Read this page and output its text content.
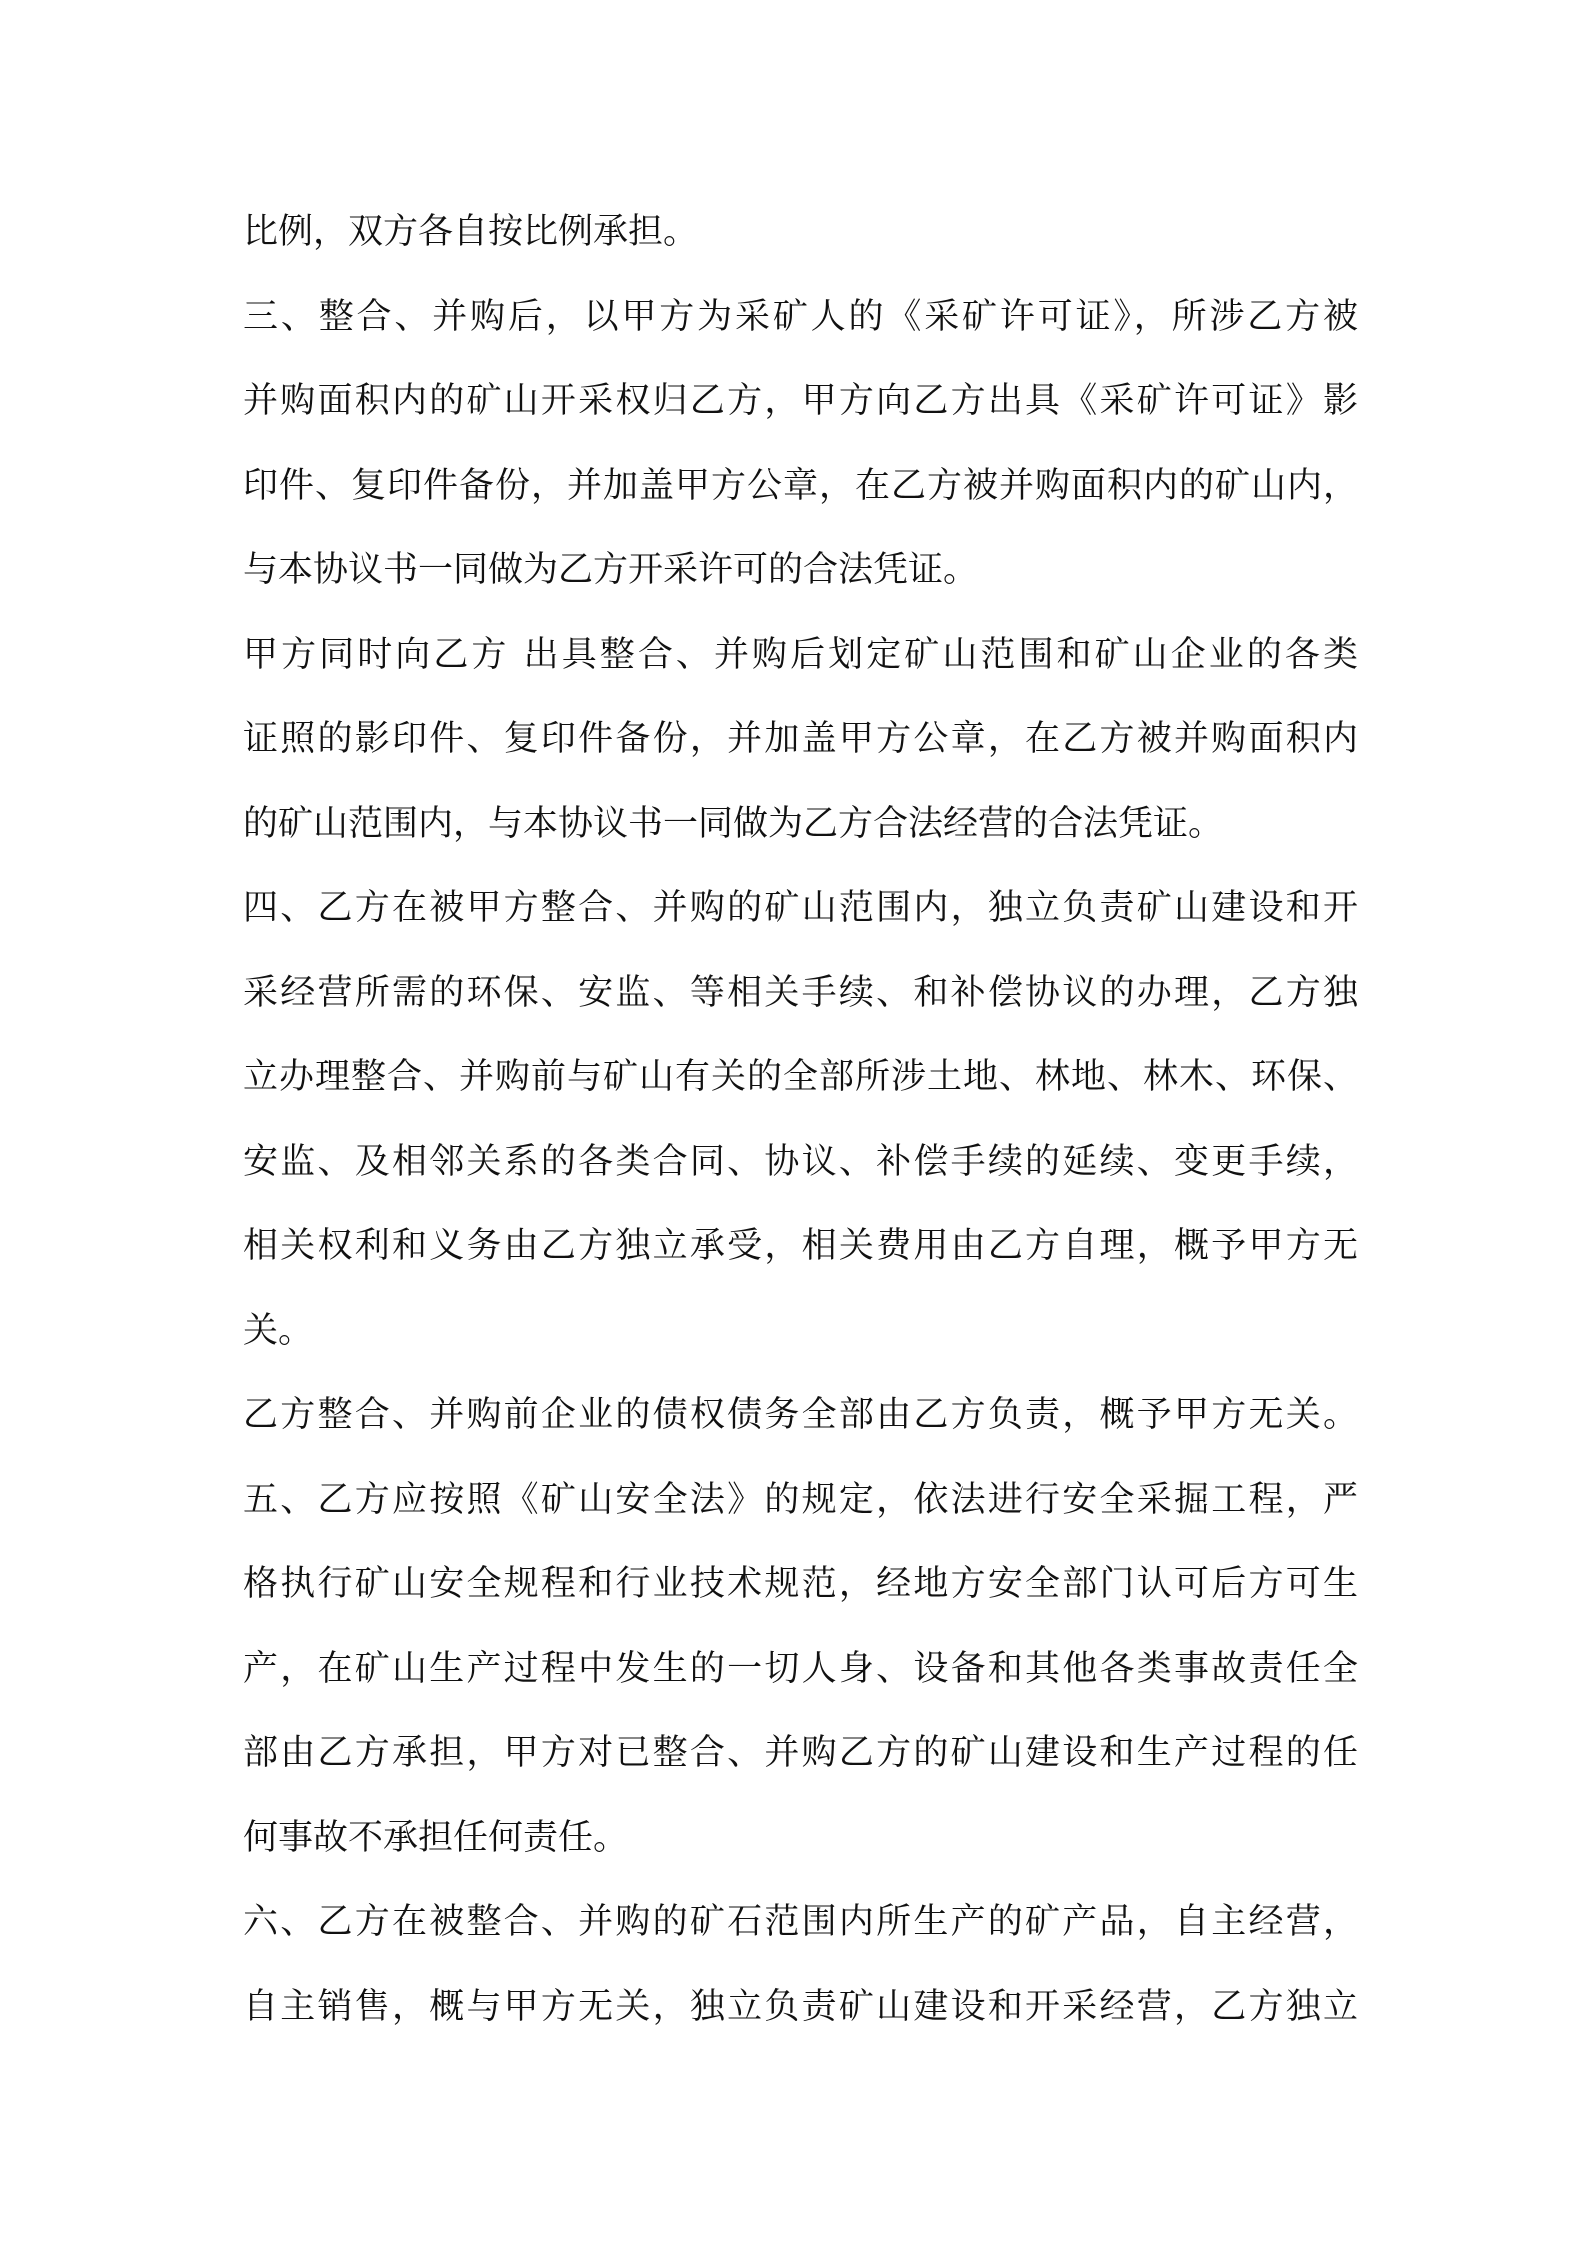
比例，双方各自按比例承担。
三、整合、并购后，以甲方为采矿人的《采矿许可证》，所涉乙方被
并购面积内的矿山开采权归乙方，甲方向乙方出具《采矿许可证》影
印件、复印件备份，并加盖甲方公章，在乙方被并购面积内的矿山内，
与本协议书一同做为乙方开采许可的合法凭证。
甲方同时向乙方 出具整合、并购后划定矿山范围和矿山企业的各类
证照的影印件、复印件备份，并加盖甲方公章，在乙方被并购面积内
的矿山范围内，与本协议书一同做为乙方合法经营的合法凭证。
四、乙方在被甲方整合、并购的矿山范围内，独立负责矿山建设和开
采经营所需的环保、安监、等相关手续、和补偿协议的办理，乙方独
立办理整合、并购前与矿山有关的全部所涉土地、林地、林木、环保、
安监、及相邻关系的各类合同、协议、补偿手续的延续、变更手续，
相关权利和义务由乙方独立承受，相关费用由乙方自理，概予甲方无
关。
乙方整合、并购前企业的债权债务全部由乙方负责，概予甲方无关。
五、乙方应按照《矿山安全法》的规定，依法进行安全采掘工程，严
格执行矿山安全规程和行业技术规范，经地方安全部门认可后方可生
产，在矿山生产过程中发生的一切人身、设备和其他各类事故责任全
部由乙方承担，甲方对已整合、并购乙方的矿山建设和生产过程的任
何事故不承担任何责任。
六、乙方在被整合、并购的矿石范围内所生产的矿产品，自主经营，
自主销售，概与甲方无关，独立负责矿山建设和开采经营，乙方独立
